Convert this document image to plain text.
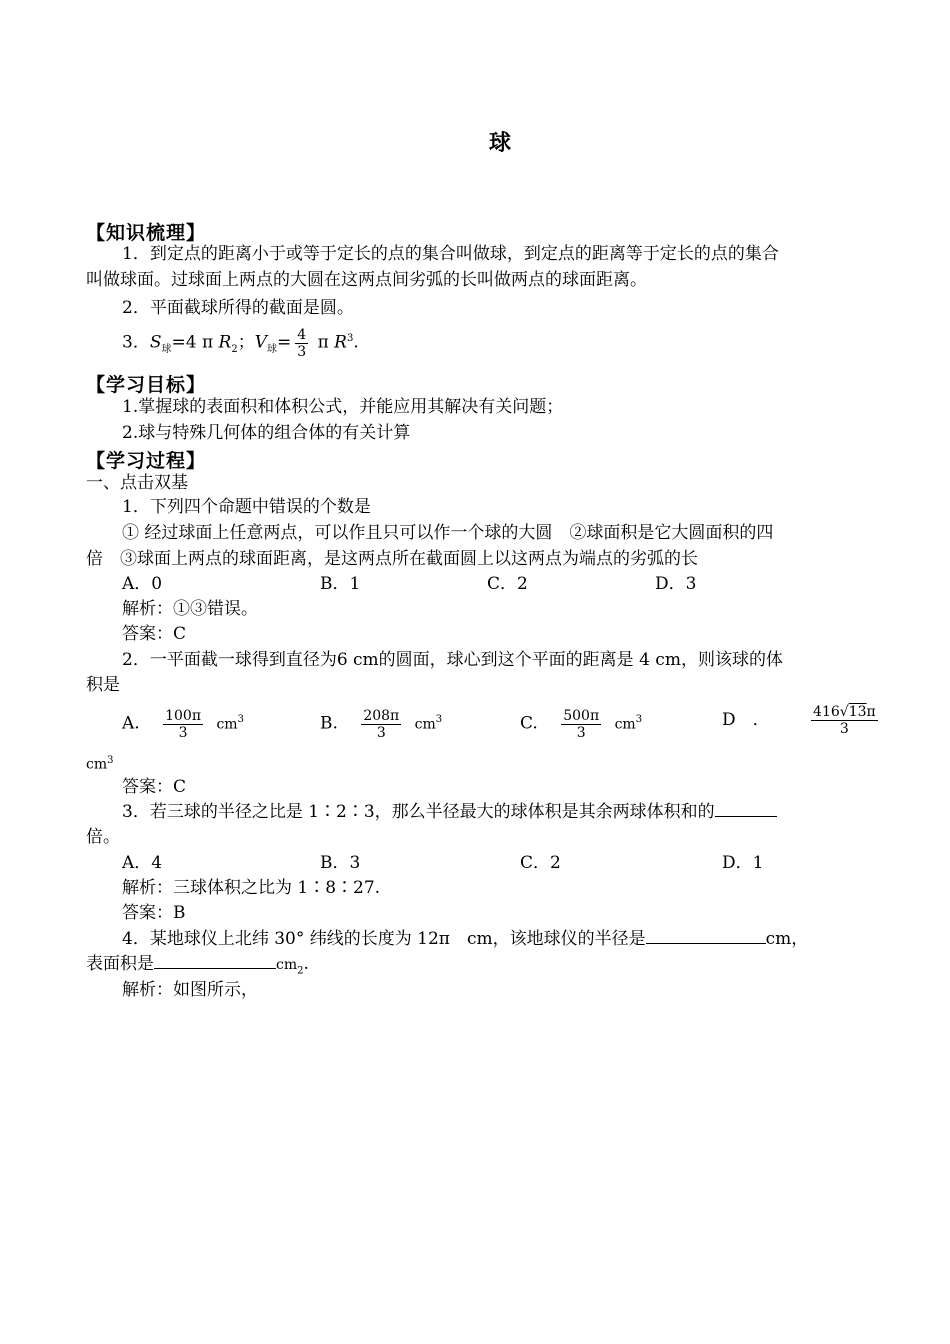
球
【知识梳理】
1．到定点的距离小于或等于定长的点的集合叫做球，到定点的距离等于定长的点的集合
叫做球面。过球面上两点的大圆在这两点间劣弧的长叫做两点的球面距离。
2．平面截球所得的截面是圆。
3．$S_球=4$ π $R_2$；$V_球= \frac{4}{3}$ π $R^3$.
【学习目标】
1.掌握球的表面积和体积公式，并能应用其解决有关问题；
2.球与特殊几何体的组合体的有关计算
【学习过程】
一、点击双基
1．下列四个命题中错误的个数是
① 经过球面上任意两点，可以作且只可以作一个球的大圆　②球面积是它大圆面积的四
倍　③球面上两点的球面距离，是这两点所在截面圆上以这两点为端点的劣弧的长
A．0	B．1	C．2	D．3
解析：①③错误。
答案：C
2．一平面截一球得到直径为6 cm的圆面，球心到这个平面的距离是 4 cm，则该球的体
积是
A. $\frac{100\pi}{3} cm^3$	B. $\frac{208\pi}{3} cm^3$	C. $\frac{500\pi}{3} cm^3$	D　．	$\frac{416√13\pi}{3}$
$cm^3$
答案：C
3．若三球的半径之比是 1∶2∶3，那么半径最大的球体积是其余两球体积和的
倍。
A．4	B．3	C．2	D．1
解析：三球体积之比为 1∶8∶27.
答案：B
4．某地球仪上北纬 30° 纬线的长度为 12π　cm，该地球仪的半径是	cm，
表面积是	$cm_2$.
解析：如图所示，
